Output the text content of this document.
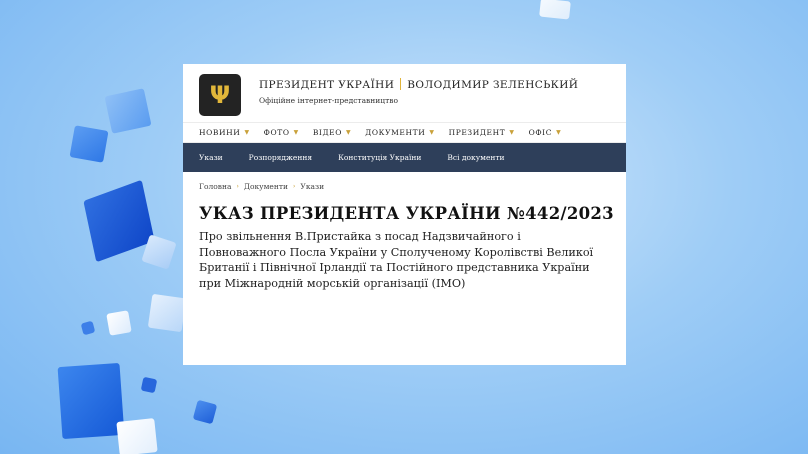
Ψ	ПРЕЗИДЕНТ УКРАЇНИ ВОЛОДИМИР ЗЕЛЕНСЬКИЙ
Офіційне інтернет-представництво
НОВИНИ ▼ ФОТО ▼ ВІДЕО ▼ ДОКУМЕНТИ ▼ ПРЕЗИДЕНТ ▼ ОФІС ▼
Укази	Розпорядження	Конституція України	Всі документи
Головна › Документи › Укази
УКАЗ ПРЕЗИДЕНТА УКРАЇНИ №442/2023

Про звільнення В.Пристайка з посад Надзвичайного і Повноважного Посла України у Сполученому Королівстві Великої Британії і Північної Ірландії та Постійного представника України при Міжнародній морській організації (IMO)
